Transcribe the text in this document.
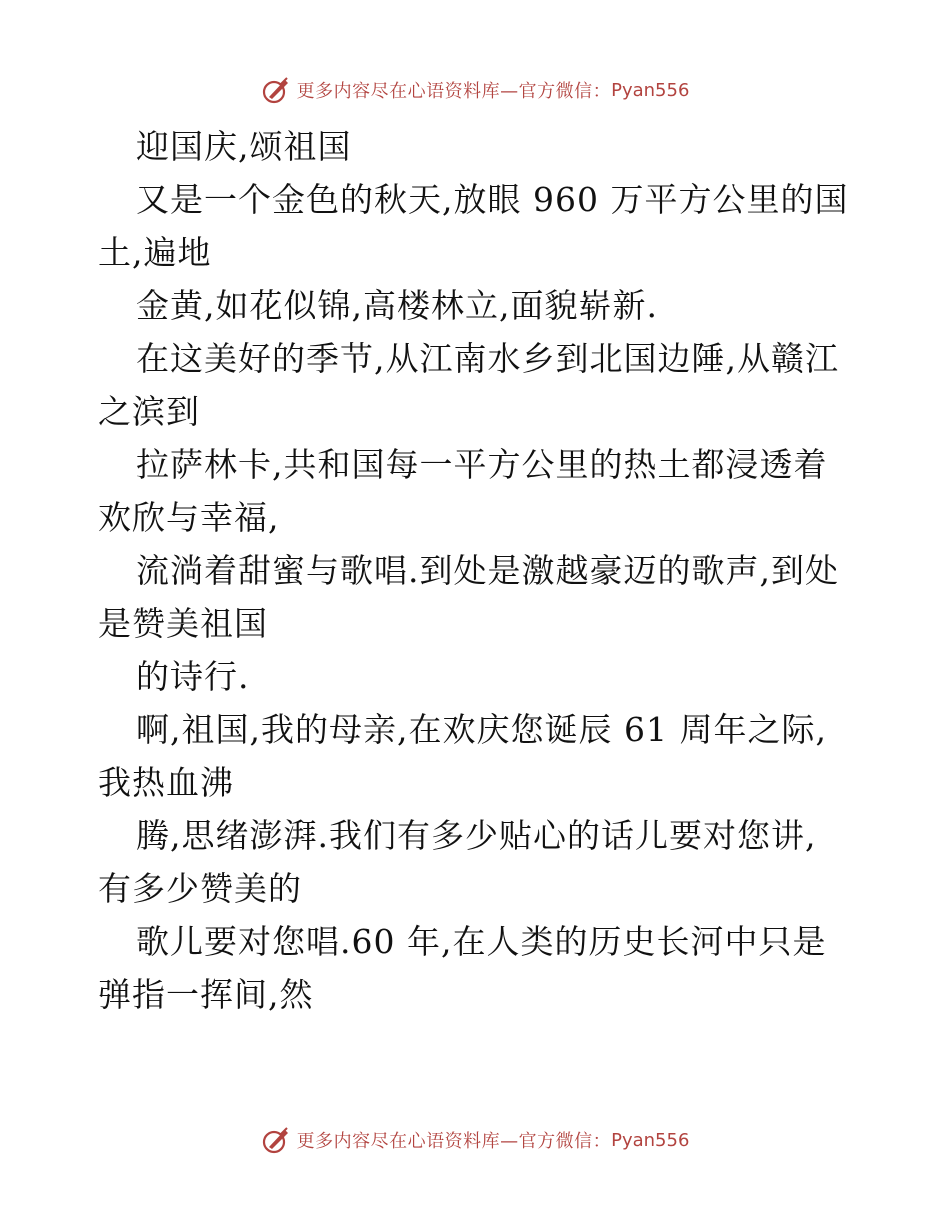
更多内容尽在心语资料库—官方微信： Pyan556
迎国庆,颂祖国
又是一个金色的秋天,放眼 960 万平方公里的国
土,遍地
金黄,如花似锦,高楼林立,面貌崭新.
在这美好的季节,从江南水乡到北国边陲,从赣江
之滨到
拉萨林卡,共和国每一平方公里的热土都浸透着
欢欣与幸福,
流淌着甜蜜与歌唱.到处是激越豪迈的歌声,到处
是赞美祖国
的诗行.
啊,祖国,我的母亲,在欢庆您诞辰 61 周年之际,
我热血沸
腾,思绪澎湃.我们有多少贴心的话儿要对您讲,
有多少赞美的
歌儿要对您唱.60 年,在人类的历史长河中只是
弹指一挥间,然
更多内容尽在心语资料库—官方微信： Pyan556
